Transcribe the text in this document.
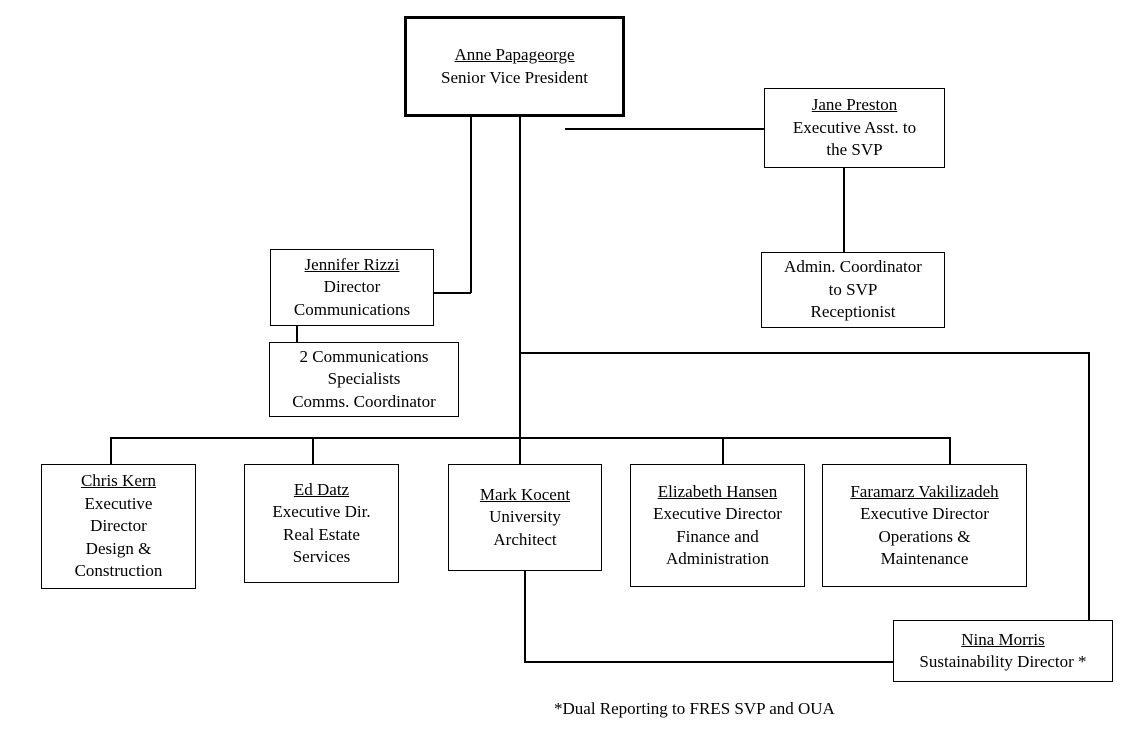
Anne Papageorge
Senior Vice President
Jane Preston
Executive Asst. to
the SVP
Admin. Coordinator
to SVP
Receptionist
Jennifer Rizzi
Director
Communications
2 Communications
Specialists
Comms. Coordinator
Chris Kern
Executive
Director
Design &
Construction
Ed Datz
Executive Dir.
Real Estate
Services
Mark Kocent
University
Architect
Elizabeth Hansen
Executive Director
Finance and
Administration
Faramarz Vakilizadeh
Executive Director
Operations &
Maintenance
Nina Morris
Sustainability Director *
*Dual Reporting to FRES SVP and OUA
